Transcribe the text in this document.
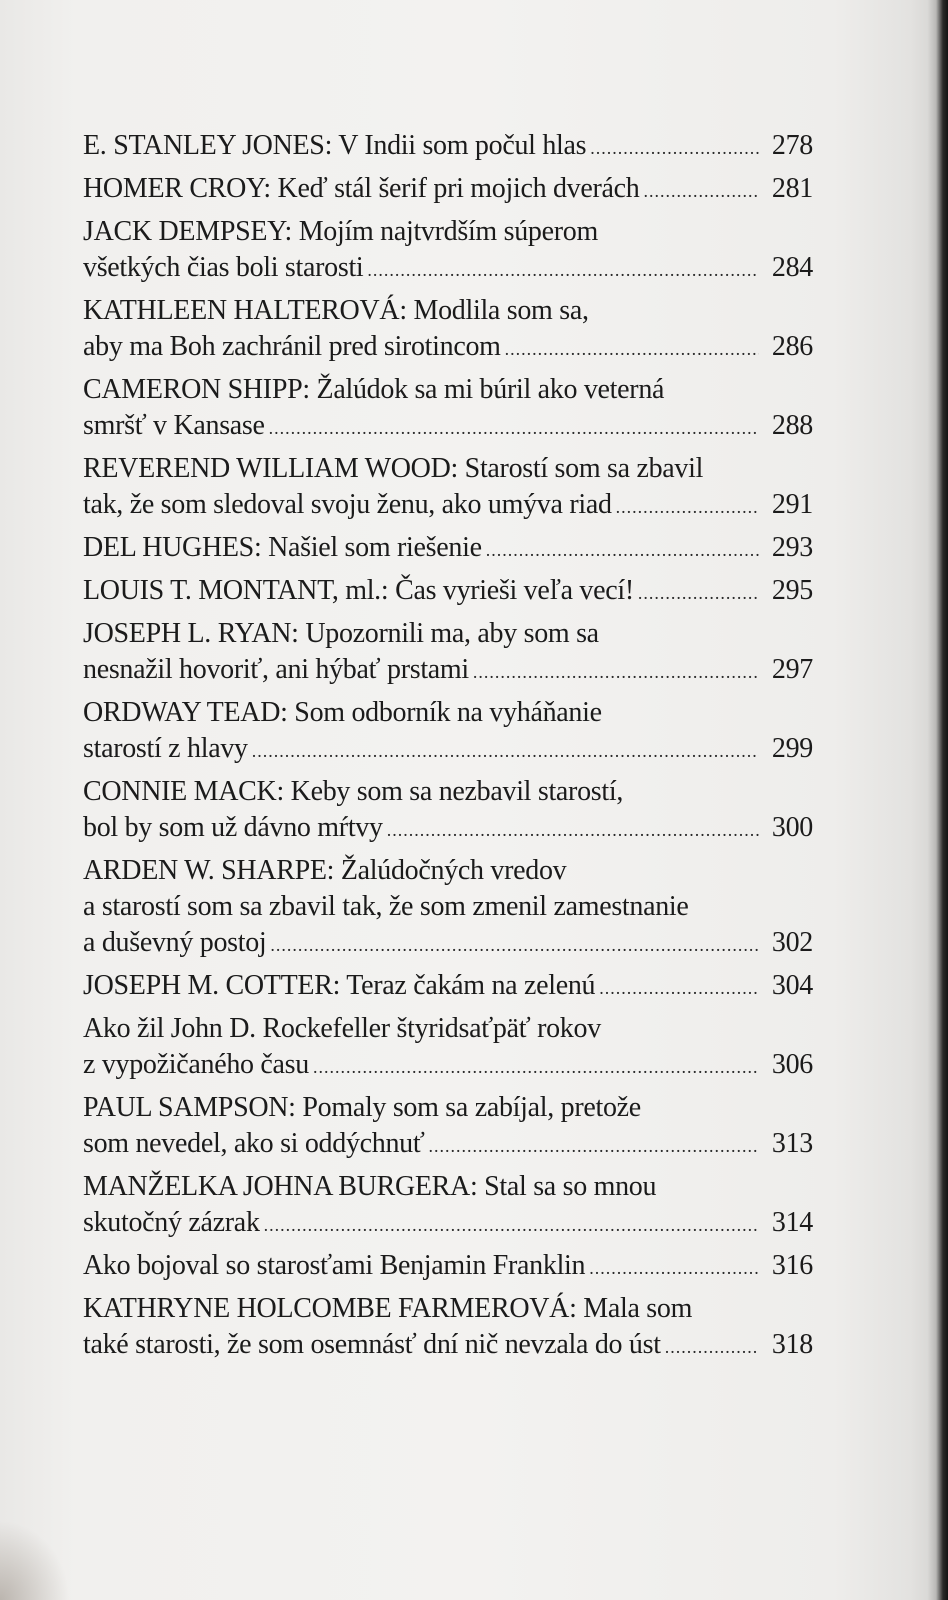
E. STANLEY JONES: V Indii som počul hlas .....	278
HOMER CROY: Keď stál šerif pri mojich dverách .....	281
JACK DEMPSEY: Mojím najtvrdším súperom
všetkých čias boli starosti .....	284
KATHLEEN HALTEROVÁ: Modlila som sa,
aby ma Boh zachránil pred sirotincom .....	286
CAMERON SHIPP: Žalúdok sa mi búril ako veterná
smršť v Kansase .....	288
REVEREND WILLIAM WOOD: Starostí som sa zbavil
tak, že som sledoval svoju ženu, ako umýva riad .....	291
DEL HUGHES: Našiel som riešenie .....	293
LOUIS T. MONTANT, ml.: Čas vyrieši veľa vecí! .....	295
JOSEPH L. RYAN: Upozornili ma, aby som sa
nesnažil hovoriť, ani hýbať prstami .....	297
ORDWAY TEAD: Som odborník na vyháňanie
starostí z hlavy .....	299
CONNIE MACK: Keby som sa nezbavil starostí,
bol by som už dávno mŕtvy .....	300
ARDEN W. SHARPE: Žalúdočných vredov
a starostí som sa zbavil tak, že som zmenil zamestnanie
a duševný postoj .....	302
JOSEPH M. COTTER: Teraz čakám na zelenú .....	304
Ako žil John D. Rockefeller štyridsaťpäť rokov
z vypožičaného času .....	306
PAUL SAMPSON: Pomaly som sa zabíjal, pretože
som nevedel, ako si oddýchnuť .....	313
MANŽELKA JOHNA BURGERA: Stal sa so mnou
skutočný zázrak .....	314
Ako bojoval so starosťami Benjamin Franklin .....	316
KATHRYNE HOLCOMBE FARMEROVÁ: Mala som
také starosti, že som osemnásť dní nič nevzala do úst .....	318
